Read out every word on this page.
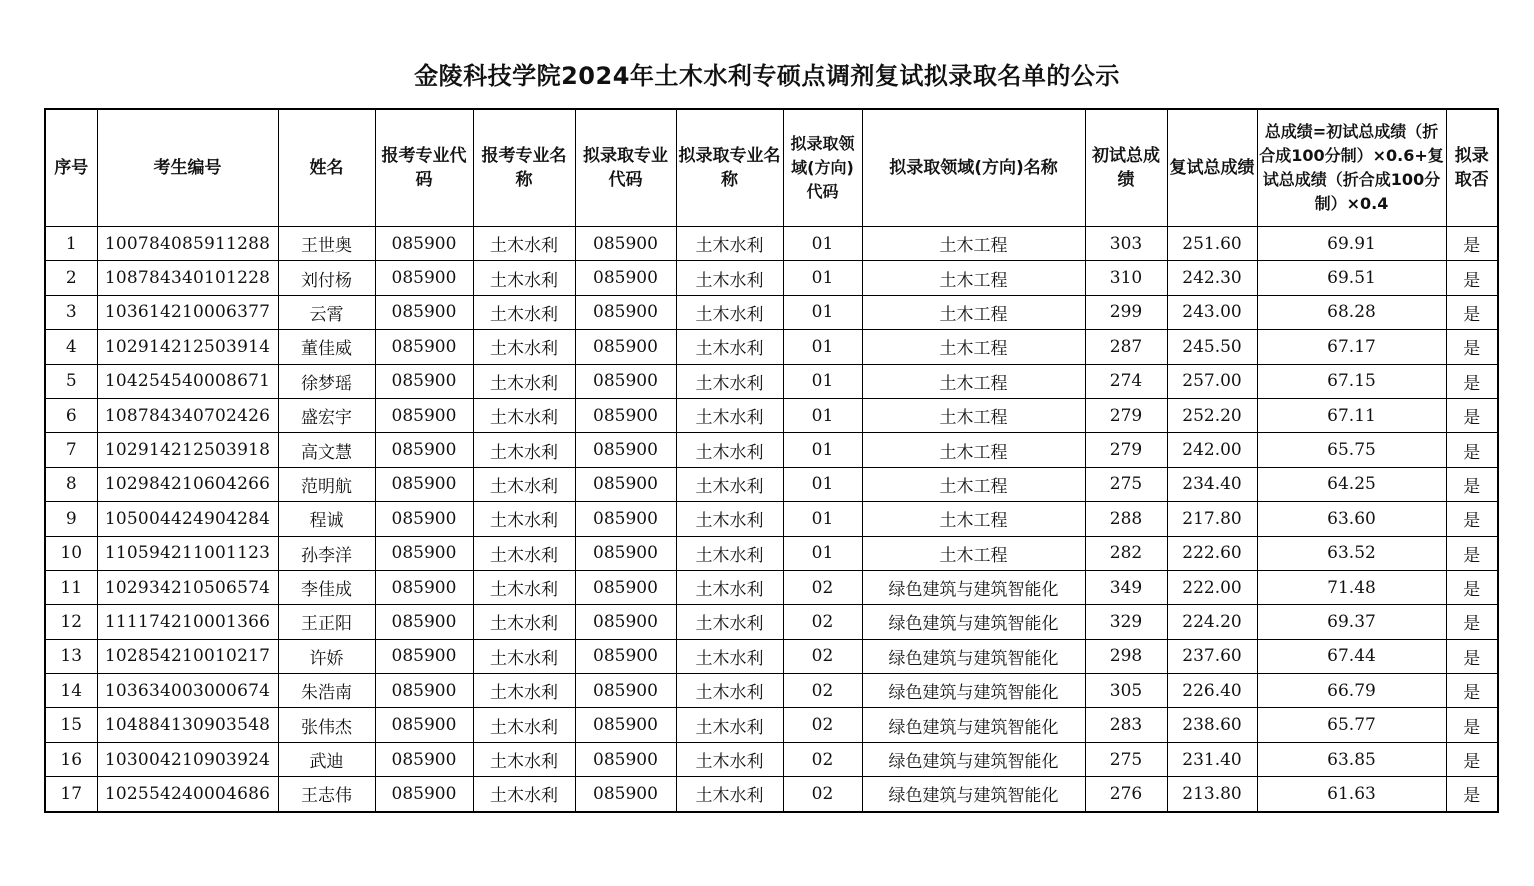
金陵科技学院2024年土木水利专硕点调剂复试拟录取名单的公示
序号	考生编号	姓名	报考专业代码	报考专业名称	拟录取专业代码	拟录取专业名称	拟录取领域(方向)代码	拟录取领域(方向)名称	初试总成绩	复试总成绩	总成绩=初试总成绩（折合成100分制）×0.6+复试总成绩（折合成100分制）×0.4	拟录取否
1	100784085911288	王世奥	085900	土木水利	085900	土木水利	01	土木工程	303	251.60	69.91	是
2	108784340101228	刘付杨	085900	土木水利	085900	土木水利	01	土木工程	310	242.30	69.51	是
3	103614210006377	云霄	085900	土木水利	085900	土木水利	01	土木工程	299	243.00	68.28	是
4	102914212503914	董佳威	085900	土木水利	085900	土木水利	01	土木工程	287	245.50	67.17	是
5	104254540008671	徐梦瑶	085900	土木水利	085900	土木水利	01	土木工程	274	257.00	67.15	是
6	108784340702426	盛宏宇	085900	土木水利	085900	土木水利	01	土木工程	279	252.20	67.11	是
7	102914212503918	高文慧	085900	土木水利	085900	土木水利	01	土木工程	279	242.00	65.75	是
8	102984210604266	范明航	085900	土木水利	085900	土木水利	01	土木工程	275	234.40	64.25	是
9	105004424904284	程诚	085900	土木水利	085900	土木水利	01	土木工程	288	217.80	63.60	是
10	110594211001123	孙李洋	085900	土木水利	085900	土木水利	01	土木工程	282	222.60	63.52	是
11	102934210506574	李佳成	085900	土木水利	085900	土木水利	02	绿色建筑与建筑智能化	349	222.00	71.48	是
12	111174210001366	王正阳	085900	土木水利	085900	土木水利	02	绿色建筑与建筑智能化	329	224.20	69.37	是
13	102854210010217	许娇	085900	土木水利	085900	土木水利	02	绿色建筑与建筑智能化	298	237.60	67.44	是
14	103634003000674	朱浩南	085900	土木水利	085900	土木水利	02	绿色建筑与建筑智能化	305	226.40	66.79	是
15	104884130903548	张伟杰	085900	土木水利	085900	土木水利	02	绿色建筑与建筑智能化	283	238.60	65.77	是
16	103004210903924	武迪	085900	土木水利	085900	土木水利	02	绿色建筑与建筑智能化	275	231.40	63.85	是
17	102554240004686	王志伟	085900	土木水利	085900	土木水利	02	绿色建筑与建筑智能化	276	213.80	61.63	是
